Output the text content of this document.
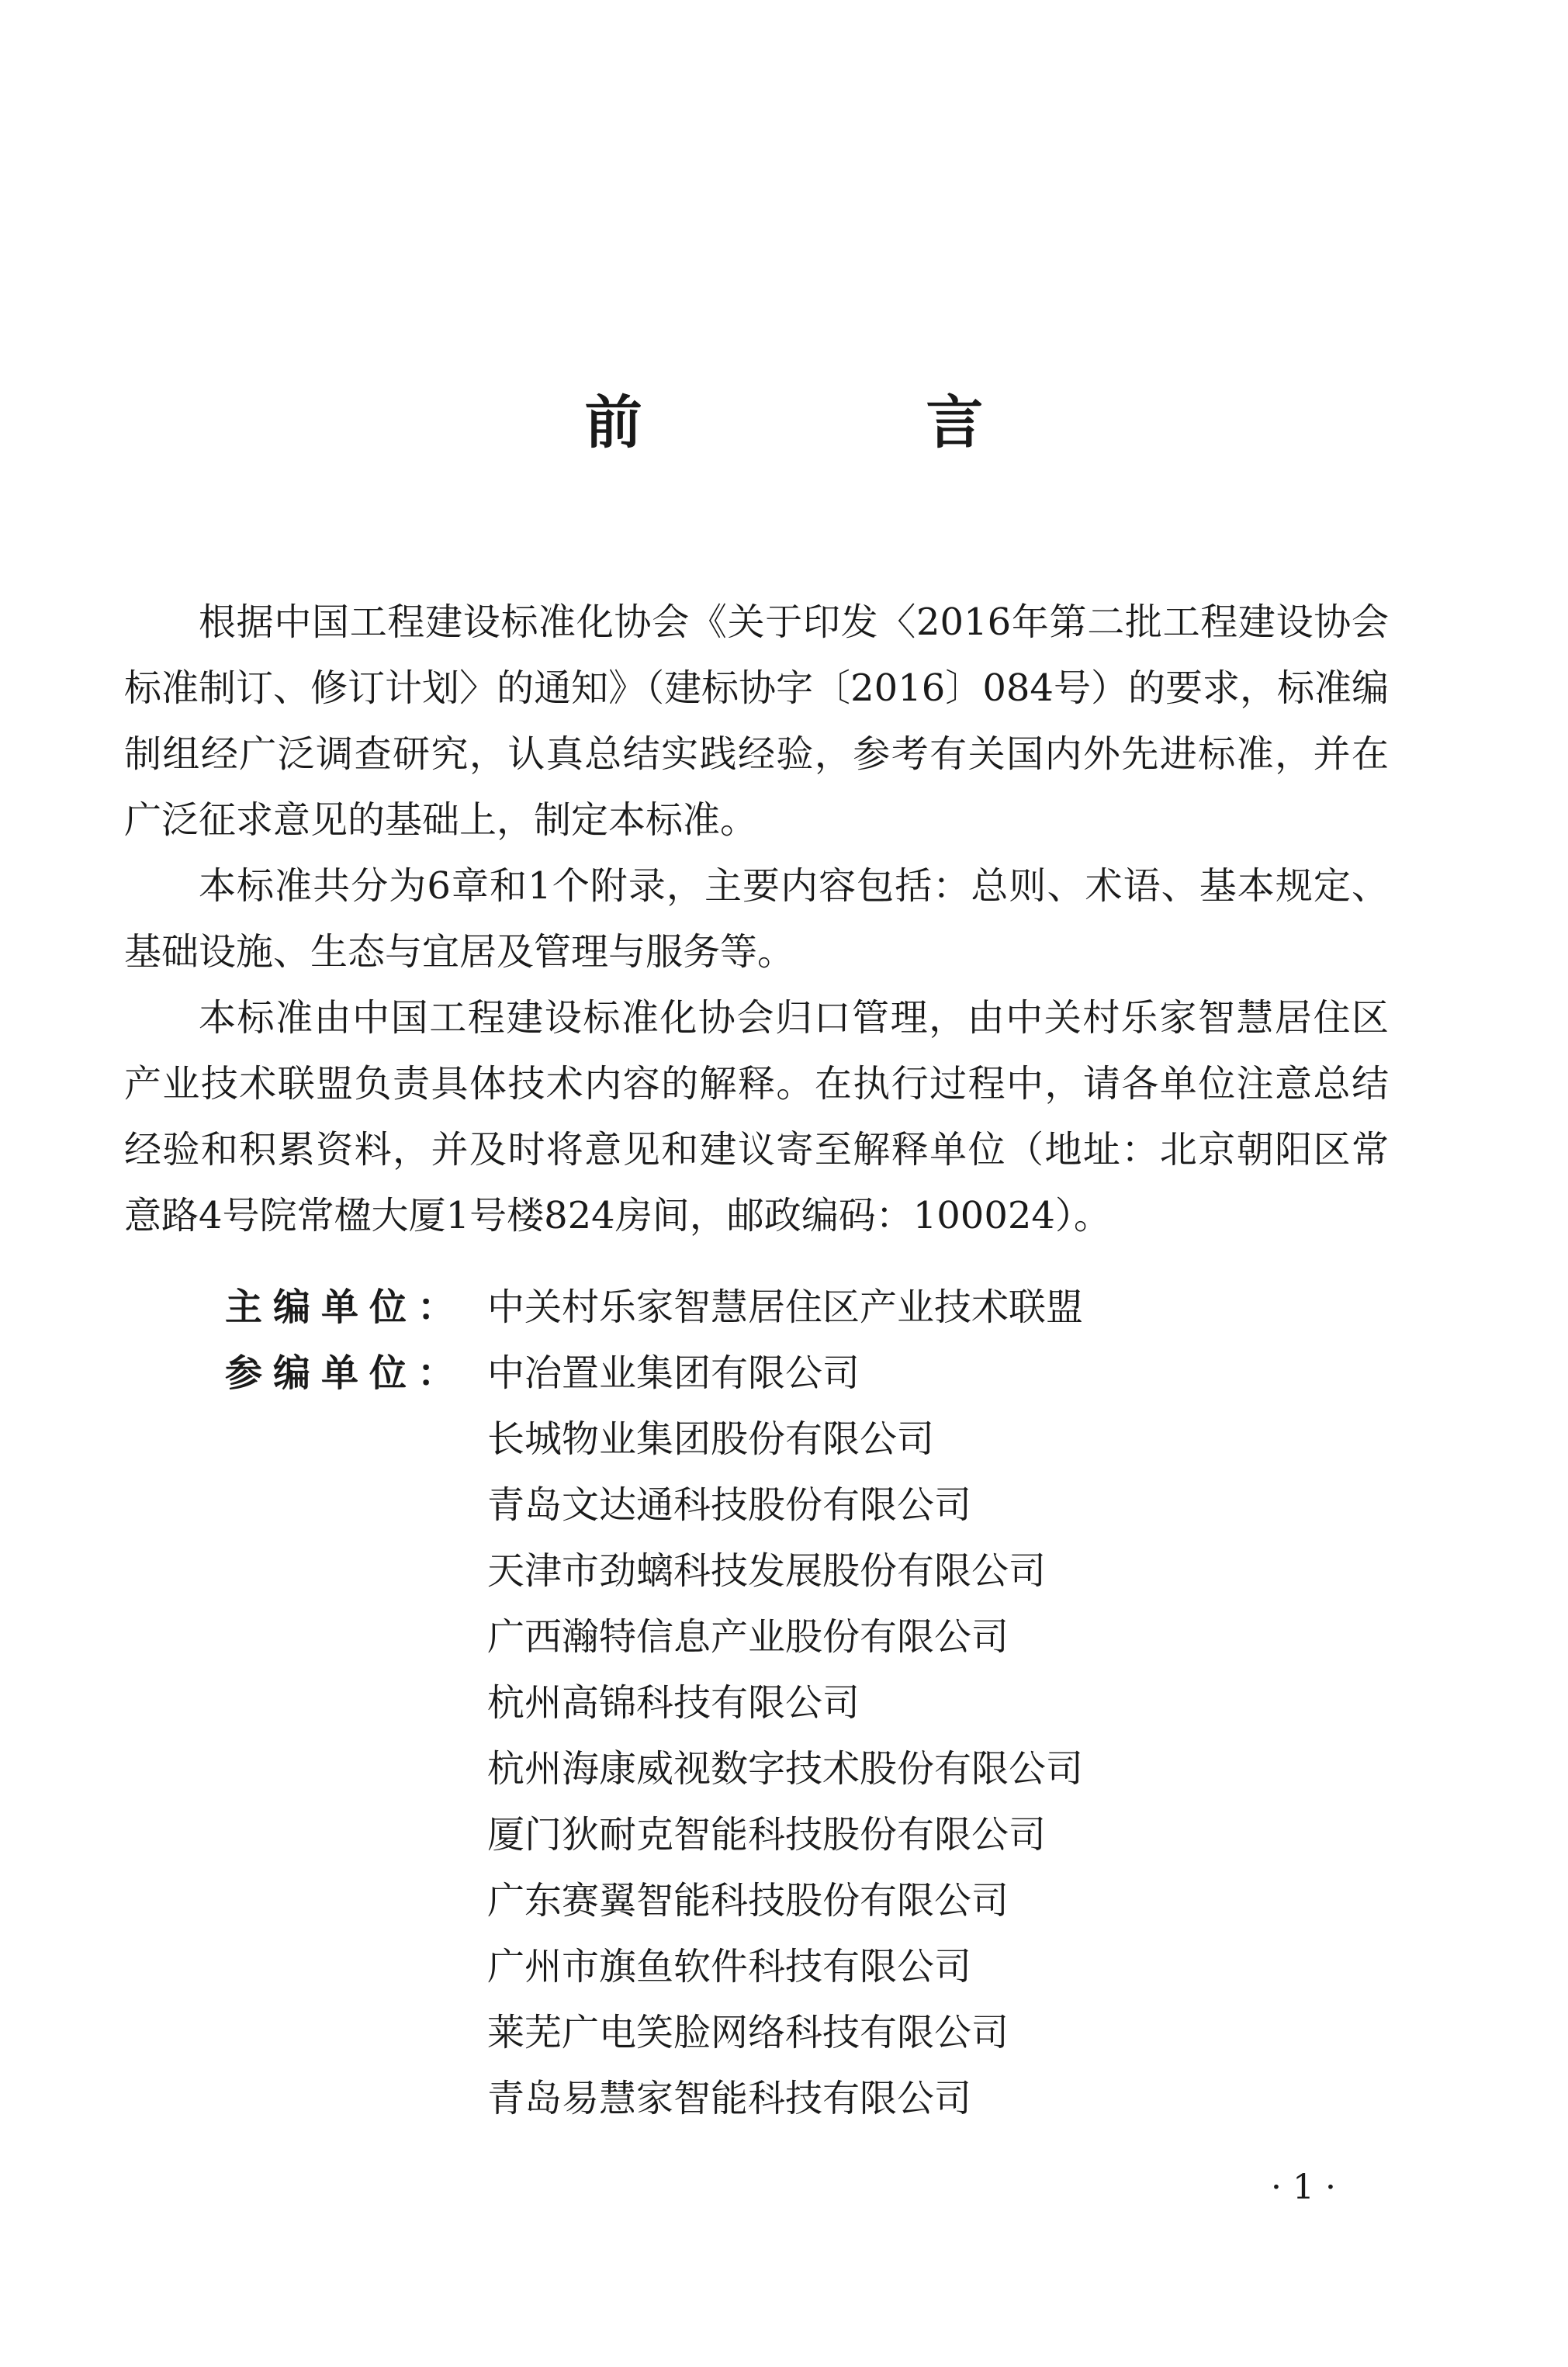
前 言

根据中国工程建设标准化协会《关于印发〈2016年第二批工程建设协会标准制订、修订计划〉的通知》（建标协字〔2016〕084号）的要求，标准编制组经广泛调查研究，认真总结实践经验，参考有关国内外先进标准，并在广泛征求意见的基础上，制定本标准。

本标准共分为6章和1个附录，主要内容包括：总则、术语、基本规定、基础设施、生态与宜居及管理与服务等。

本标准由中国工程建设标准化协会归口管理，由中关村乐家智慧居住区产业技术联盟负责具体技术内容的解释。在执行过程中，请各单位注意总结经验和积累资料，并及时将意见和建议寄至解释单位（地址：北京朝阳区常意路4号院常楹大厦1号楼824房间，邮政编码：100024）。

主编单位： 中关村乐家智慧居住区产业技术联盟
参编单位： 中冶置业集团有限公司
长城物业集团股份有限公司
青岛文达通科技股份有限公司
天津市劲螭科技发展股份有限公司
广西瀚特信息产业股份有限公司
杭州高锦科技有限公司
杭州海康威视数字技术股份有限公司
厦门狄耐克智能科技股份有限公司
广东赛翼智能科技股份有限公司
广州市旗鱼软件科技有限公司
莱芜广电笑脸网络科技有限公司
青岛易慧家智能科技有限公司
· 1 ·
